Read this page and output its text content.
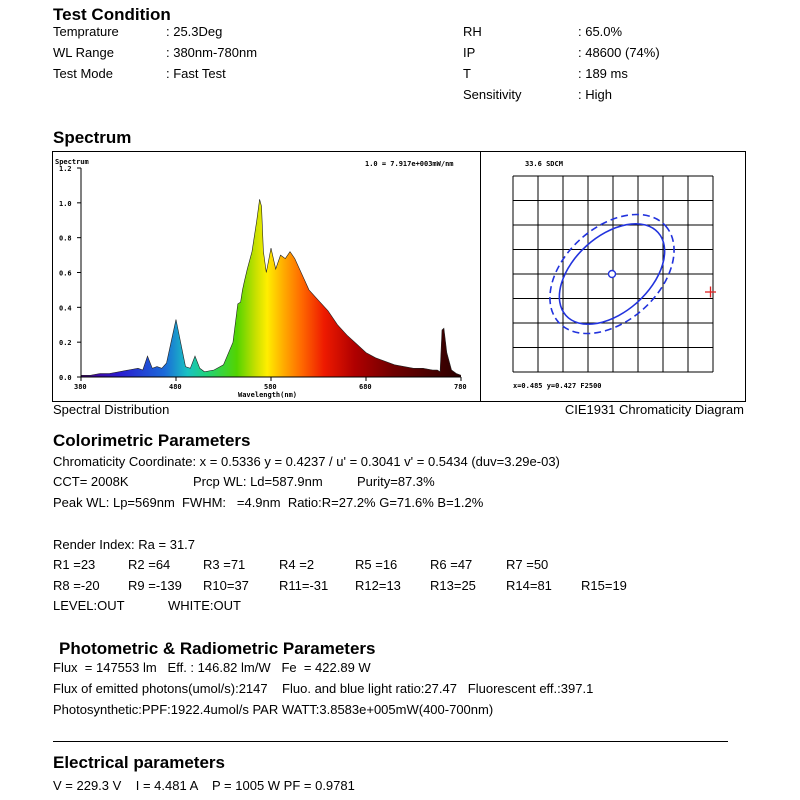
Test Condition
Temprature	: 25.3Deg
WL Range	: 380nm-780nm
Test Mode	: Fast Test
RH	: 65.0%
IP	: 48600 (74%)
T	: 189 ms
Sensitivity	: High
Spectrum
0.0
0.2
0.4
0.6
0.8
1.0
1.2
380	480	580	680	780
Spectrum	1.0 = 7.917e+003mW/nm
Wavelength(nm)
33.6 SDCM
x=0.485 y=0.427 F2500
Spectral Distribution	CIE1931 Chromaticity Diagram
Colorimetric Parameters
Chromaticity Coordinate: x = 0.5336 y = 0.4237 / u' = 0.3041 v' = 0.5434 (duv=3.29e-03)
CCT= 2008K	Prcp WL: Ld=587.9nm	Purity=87.3%
Peak WL: Lp=569nm  FWHM:   =4.9nm  Ratio:R=27.2% G=71.6% B=1.2%
Render Index: Ra = 31.7
R1 =23	R2 =64	R3 =71	R4 =2	R5 =16	R6 =47	R7 =50
R8 =-20 R9 =-139 R10=37 R11=-31 R12=13 R13=25 R14=81 R15=19
LEVEL:OUT	WHITE:OUT
Photometric & Radiometric Parameters
Flux  = 147553 lm   Eff. : 146.82 lm/W   Fe  = 422.89 W
Flux of emitted photons(umol/s):2147    Fluo. and blue light ratio:27.47   Fluorescent eff.:397.1
Photosynthetic:PPF:1922.4umol/s PAR WATT:3.8583e+005mW(400-700nm)
Electrical parameters
V = 229.3 V    I = 4.481 A    P = 1005 W PF = 0.9781
